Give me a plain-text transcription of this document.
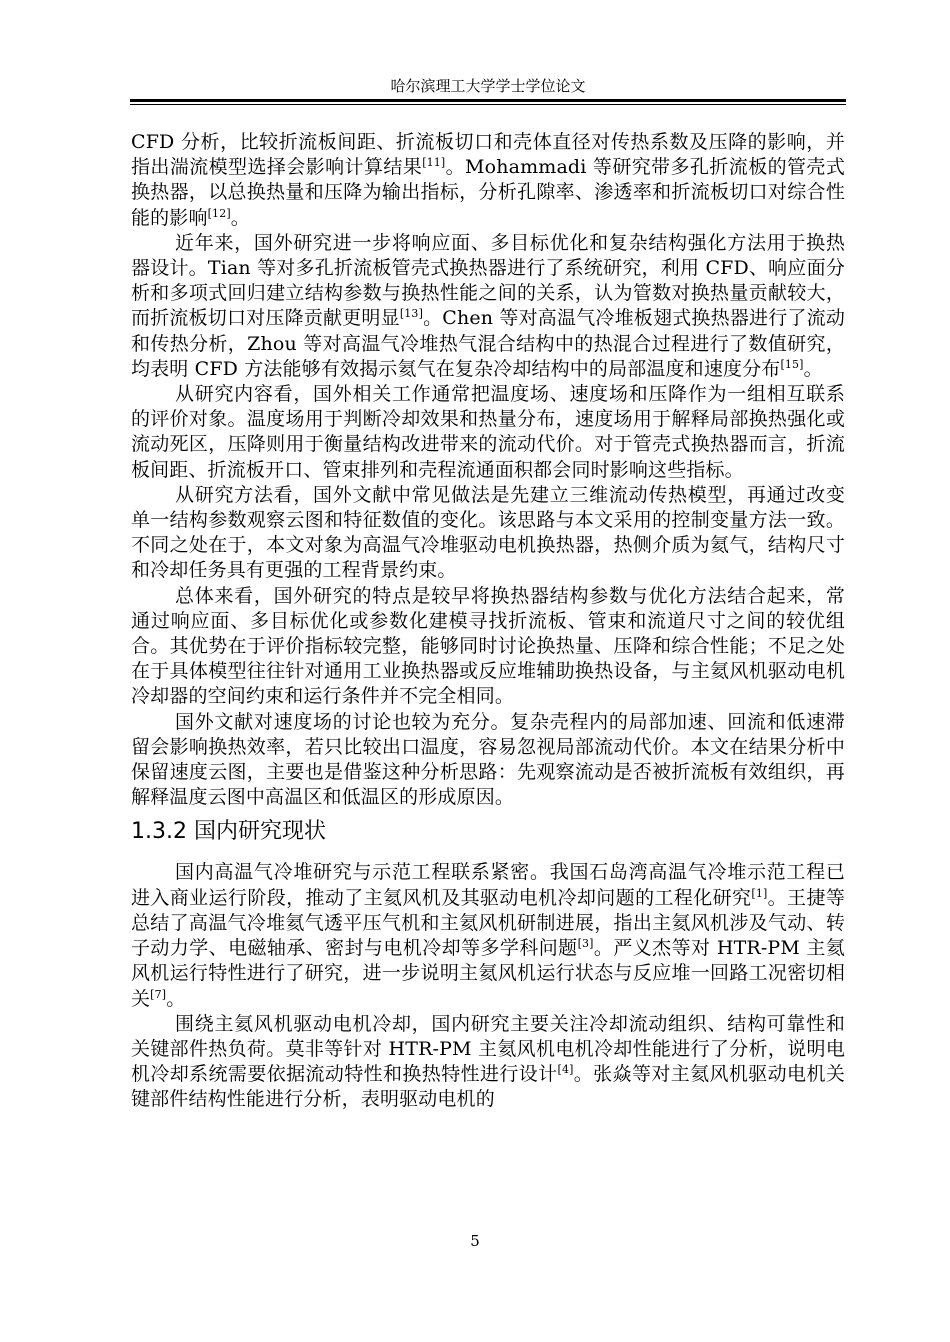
哈尔滨理工大学学士学位论文

CFD 分析，比较折流板间距、折流板切口和壳体直径对传热系数及压降的影响，并指出湍流模型选择会影响计算结果[11]。Mohammadi 等研究带多孔折流板的管壳式换热器，以总换热量和压降为输出指标，分析孔隙率、渗透率和折流板切口对综合性能的影响[12]。

近年来，国外研究进一步将响应面、多目标优化和复杂结构强化方法用于换热器设计。Tian 等对多孔折流板管壳式换热器进行了系统研究，利用 CFD、响应面分析和多项式回归建立结构参数与换热性能之间的关系，认为管数对换热量贡献较大，而折流板切口对压降贡献更明显[13]。Chen 等对高温气冷堆板翅式换热器进行了流动和传热分析，Zhou 等对高温气冷堆热气混合结构中的热混合过程进行了数值研究，均表明 CFD 方法能够有效揭示氦气在复杂冷却结构中的局部温度和速度分布[15]。

从研究内容看，国外相关工作通常把温度场、速度场和压降作为一组相互联系的评价对象。温度场用于判断冷却效果和热量分布，速度场用于解释局部换热强化或流动死区，压降则用于衡量结构改进带来的流动代价。对于管壳式换热器而言，折流板间距、折流板开口、管束排列和壳程流通面积都会同时影响这些指标。

从研究方法看，国外文献中常见做法是先建立三维流动传热模型，再通过改变单一结构参数观察云图和特征数值的变化。该思路与本文采用的控制变量方法一致。不同之处在于，本文对象为高温气冷堆驱动电机换热器，热侧介质为氦气，结构尺寸和冷却任务具有更强的工程背景约束。

总体来看，国外研究的特点是较早将换热器结构参数与优化方法结合起来，常通过响应面、多目标优化或参数化建模寻找折流板、管束和流道尺寸之间的较优组合。其优势在于评价指标较完整，能够同时讨论换热量、压降和综合性能；不足之处在于具体模型往往针对通用工业换热器或反应堆辅助换热设备，与主氦风机驱动电机冷却器的空间约束和运行条件并不完全相同。

国外文献对速度场的讨论也较为充分。复杂壳程内的局部加速、回流和低速滞留会影响换热效率，若只比较出口温度，容易忽视局部流动代价。本文在结果分析中保留速度云图，主要也是借鉴这种分析思路：先观察流动是否被折流板有效组织，再解释温度云图中高温区和低温区的形成原因。

1.3.2 国内研究现状

国内高温气冷堆研究与示范工程联系紧密。我国石岛湾高温气冷堆示范工程已进入商业运行阶段，推动了主氦风机及其驱动电机冷却问题的工程化研究[1]。王捷等总结了高温气冷堆氦气透平压气机和主氦风机研制进展，指出主氦风机涉及气动、转子动力学、电磁轴承、密封与电机冷却等多学科问题[3]。严义杰等对 HTR-PM 主氦风机运行特性进行了研究，进一步说明主氦风机运行状态与反应堆一回路工况密切相关[7]。

围绕主氦风机驱动电机冷却，国内研究主要关注冷却流动组织、结构可靠性和关键部件热负荷。莫非等针对 HTR-PM 主氦风机电机冷却性能进行了分析，说明电机冷却系统需要依据流动特性和换热特性进行设计[4]。张焱等对主氦风机驱动电机关键部件结构性能进行分析，表明驱动电机的

5
